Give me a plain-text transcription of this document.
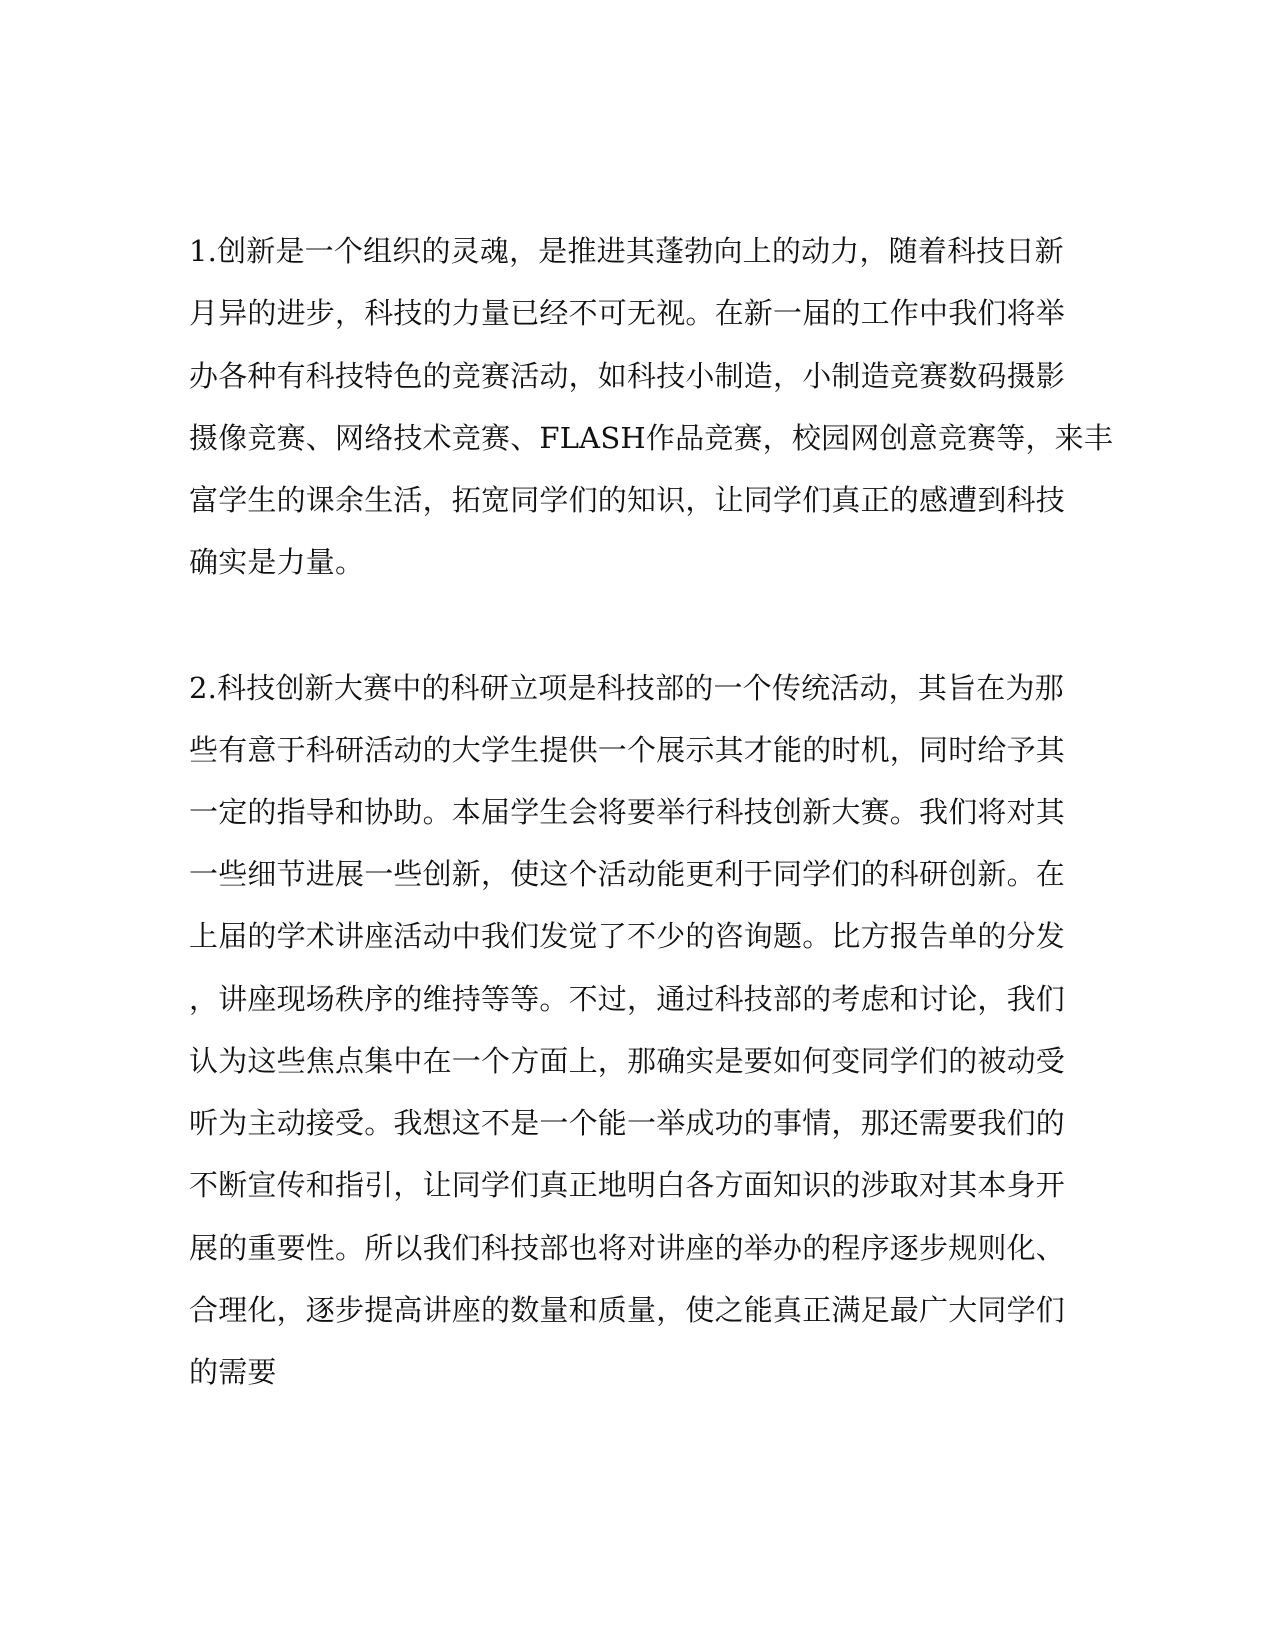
1.创新是一个组织的灵魂，是推进其蓬勃向上的动力，随着科技日新

月异的进步，科技的力量已经不可无视。在新一届的工作中我们将举

办各种有科技特色的竞赛活动，如科技小制造，小制造竞赛数码摄影

摄像竞赛、网络技术竞赛、FLASH作品竞赛，校园网创意竞赛等，来丰

富学生的课余生活，拓宽同学们的知识，让同学们真正的感遭到科技

确实是力量。

2.科技创新大赛中的科研立项是科技部的一个传统活动，其旨在为那

些有意于科研活动的大学生提供一个展示其才能的时机，同时给予其

一定的指导和协助。本届学生会将要举行科技创新大赛。我们将对其

一些细节进展一些创新，使这个活动能更利于同学们的科研创新。在

上届的学术讲座活动中我们发觉了不少的咨询题。比方报告单的分发

，讲座现场秩序的维持等等。不过，通过科技部的考虑和讨论，我们

认为这些焦点集中在一个方面上，那确实是要如何变同学们的被动受

听为主动接受。我想这不是一个能一举成功的事情，那还需要我们的

不断宣传和指引，让同学们真正地明白各方面知识的涉取对其本身开

展的重要性。所以我们科技部也将对讲座的举办的程序逐步规则化、

合理化，逐步提高讲座的数量和质量，使之能真正满足最广大同学们

的需要
